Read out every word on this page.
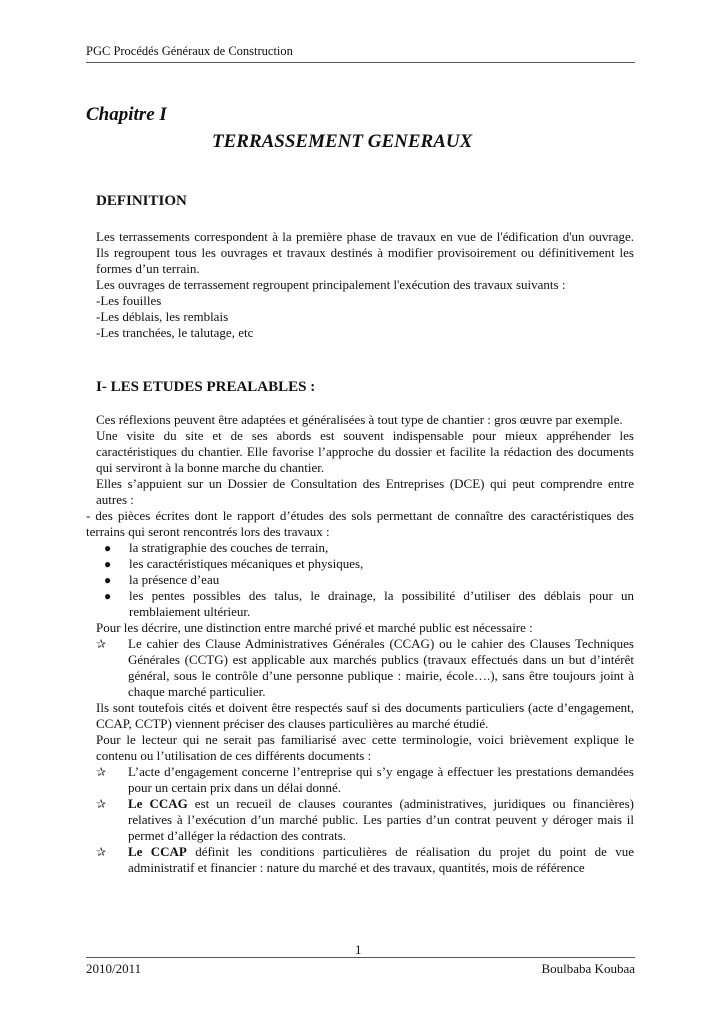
PGC Procédés Généraux de Construction
Chapitre I
TERRASSEMENT GENERAUX
DEFINITION

Les terrassements correspondent à la première phase de travaux en vue de l'édification d'un ouvrage. Ils regroupent tous les ouvrages et travaux destinés à modifier provisoirement ou définitivement les formes d’un terrain.

Les ouvrages de terrassement regroupent principalement l'exécution des travaux suivants :

-Les fouilles
-Les déblais, les remblais
-Les tranchées, le talutage, etc
I- LES ETUDES PREALABLES :

Ces réflexions peuvent être adaptées et généralisées à tout type de chantier : gros œuvre par exemple.

Une visite du site et de ses abords est souvent indispensable pour mieux appréhender les caractéristiques du chantier. Elle favorise l’approche du dossier et facilite la rédaction des documents qui serviront à la bonne marche du chantier.

Elles s’appuient sur un Dossier de Consultation des Entreprises (DCE) qui peut comprendre entre autres :

- des pièces écrites dont le rapport d’études des sols permettant de connaître des caractéristiques des terrains qui seront rencontrés lors des travaux :

● la stratigraphie des couches de terrain,
● les caractéristiques mécaniques et physiques,
● la présence d’eau
● les pentes possibles des talus, le drainage, la possibilité d’utiliser des déblais pour un remblaiement ultérieur.

Pour les décrire, une distinction entre marché privé et marché public est nécessaire :

✰ Le cahier des Clause Administratives Générales (CCAG) ou le cahier des Clauses Techniques Générales (CCTG) est applicable aux marchés publics (travaux effectués dans un but d’intérêt général, sous le contrôle d’une personne publique : mairie, école….), sans être toujours joint à chaque marché particulier.

Ils sont toutefois cités et doivent être respectés sauf si des documents particuliers (acte d’engagement, CCAP, CCTP) viennent préciser des clauses particulières au marché étudié.

Pour le lecteur qui ne serait pas familiarisé avec cette terminologie, voici brièvement explique le contenu ou l’utilisation de ces différents documents :

✰ L’acte d’engagement concerne l’entreprise qui s’y engage à effectuer les prestations demandées pour un certain prix dans un délai donné.
✰ Le CCAG est un recueil de clauses courantes (administratives, juridiques ou financières) relatives à l’exécution d’un marché public. Les parties d’un contrat peuvent y déroger mais il permet d’alléger la rédaction des contrats.
✰ Le CCAP définit les conditions particulières de réalisation du projet du point de vue administratif et financier : nature du marché et des travaux, quantités, mois de référence
1
2010/2011	Boulbaba Koubaa
